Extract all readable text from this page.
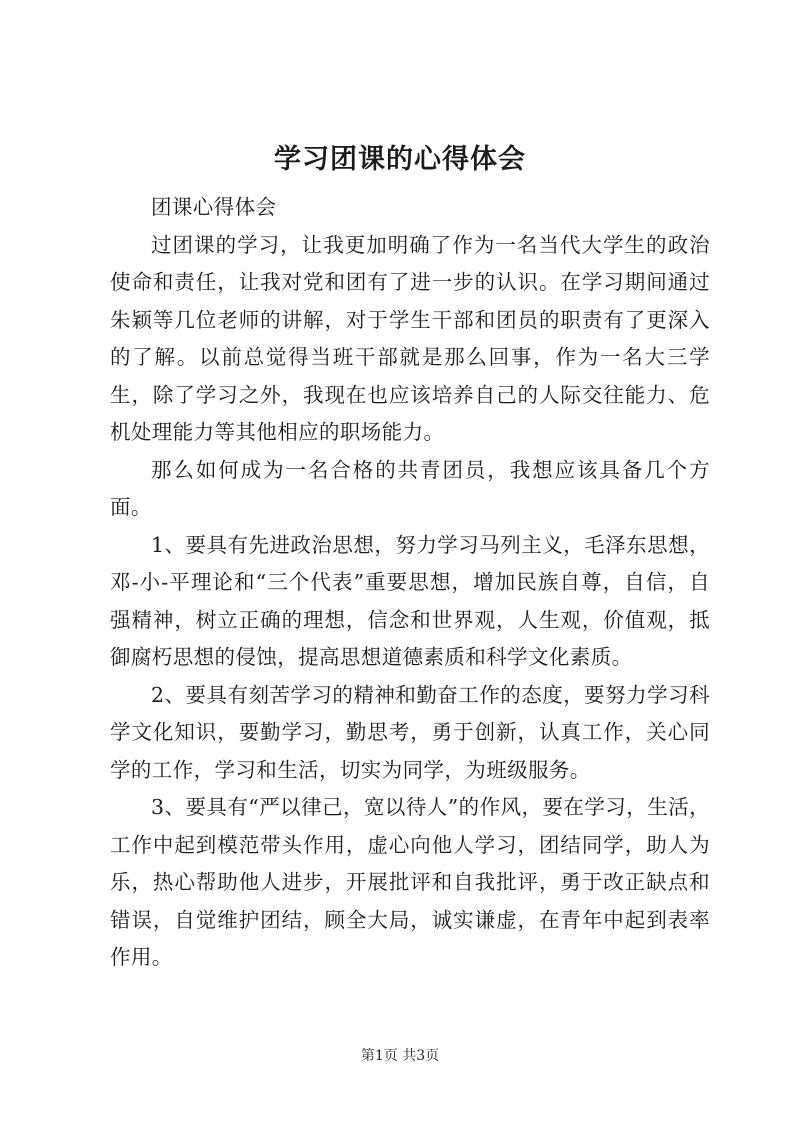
学习团课的心得体会

团课心得体会

过团课的学习，让我更加明确了作为一名当代大学生的政治使命和责任，让我对党和团有了进一步的认识。在学习期间通过朱颖等几位老师的讲解，对于学生干部和团员的职责有了更深入的了解。以前总觉得当班干部就是那么回事，作为一名大三学生，除了学习之外，我现在也应该培养自己的人际交往能力、危机处理能力等其他相应的职场能力。

那么如何成为一名合格的共青团员，我想应该具备几个方面。

1、要具有先进政治思想，努力学习马列主义，毛泽东思想，邓-小-平理论和“三个代表”重要思想，增加民族自尊，自信，自强精神，树立正确的理想，信念和世界观，人生观，价值观，抵御腐朽思想的侵蚀，提高思想道德素质和科学文化素质。

2、要具有刻苦学习的精神和勤奋工作的态度，要努力学习科学文化知识，要勤学习，勤思考，勇于创新，认真工作，关心同学的工作，学习和生活，切实为同学，为班级服务。

3、要具有“严以律己，宽以待人”的作风，要在学习，生活，工作中起到模范带头作用，虚心向他人学习，团结同学，助人为乐，热心帮助他人进步，开展批评和自我批评，勇于改正缺点和错误，自觉维护团结，顾全大局，诚实谦虚，在青年中起到表率作用。

第1页 共3页
